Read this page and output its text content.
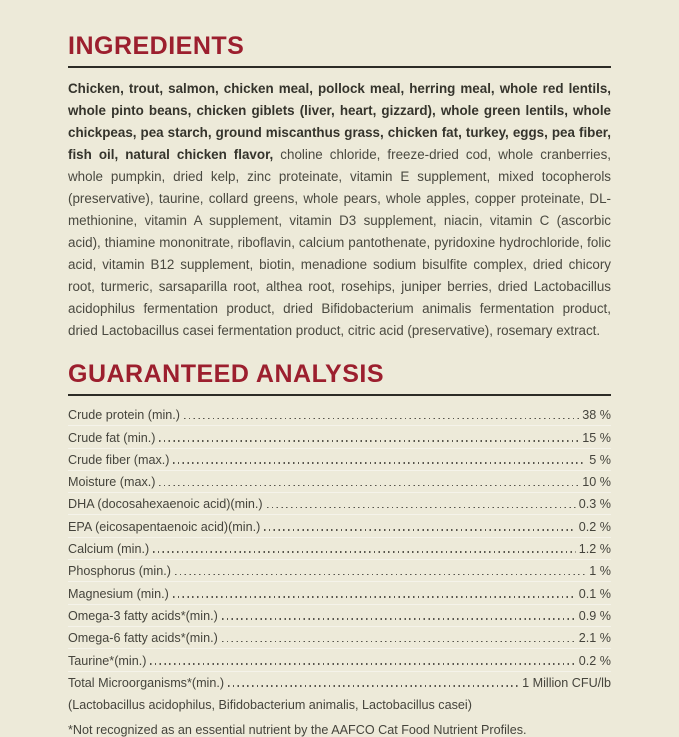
INGREDIENTS

Chicken, trout, salmon, chicken meal, pollock meal, herring meal, whole red lentils, whole pinto beans, chicken giblets (liver, heart, gizzard), whole green lentils, whole chickpeas, pea starch, ground miscanthus grass, chicken fat, turkey, eggs, pea fiber, fish oil, natural chicken flavor, choline chloride, freeze-dried cod, whole cranberries, whole pumpkin, dried kelp, zinc proteinate, vitamin E supplement, mixed tocopherols (preservative), taurine, collard greens, whole pears, whole apples, copper proteinate, DL-methionine, vitamin A supplement, vitamin D3 supplement, niacin, vitamin C (ascorbic acid), thiamine mononitrate, riboflavin, calcium pantothenate, pyridoxine hydrochloride, folic acid, vitamin B12 supplement, biotin, menadione sodium bisulfite complex, dried chicory root, turmeric, sarsaparilla root, althea root, rosehips, juniper berries, dried Lactobacillus acidophilus fermentation product, dried Bifidobacterium animalis fermentation product, dried Lactobacillus casei fermentation product, citric acid (preservative), rosemary extract.

GUARANTEED ANALYSIS
Crude protein (min.)	38 %
Crude fat (min.)	15 %
Crude fiber (max.)	5 %
Moisture (max.)	10 %
DHA (docosahexaenoic acid)(min.)	0.3 %
EPA (eicosapentaenoic acid)(min.)	0.2 %
Calcium (min.)	1.2 %
Phosphorus (min.)	1 %
Magnesium (min.)	0.1 %
Omega-3 fatty acids*(min.)	0.9 %
Omega-6 fatty acids*(min.)	2.1 %
Taurine*(min.)	0.2 %
Total Microorganisms*(min.)	1 Million CFU/lb
(Lactobacillus acidophilus, Bifidobacterium animalis, Lactobacillus casei)
*Not recognized as an essential nutrient by the AAFCO Cat Food Nutrient Profiles.
